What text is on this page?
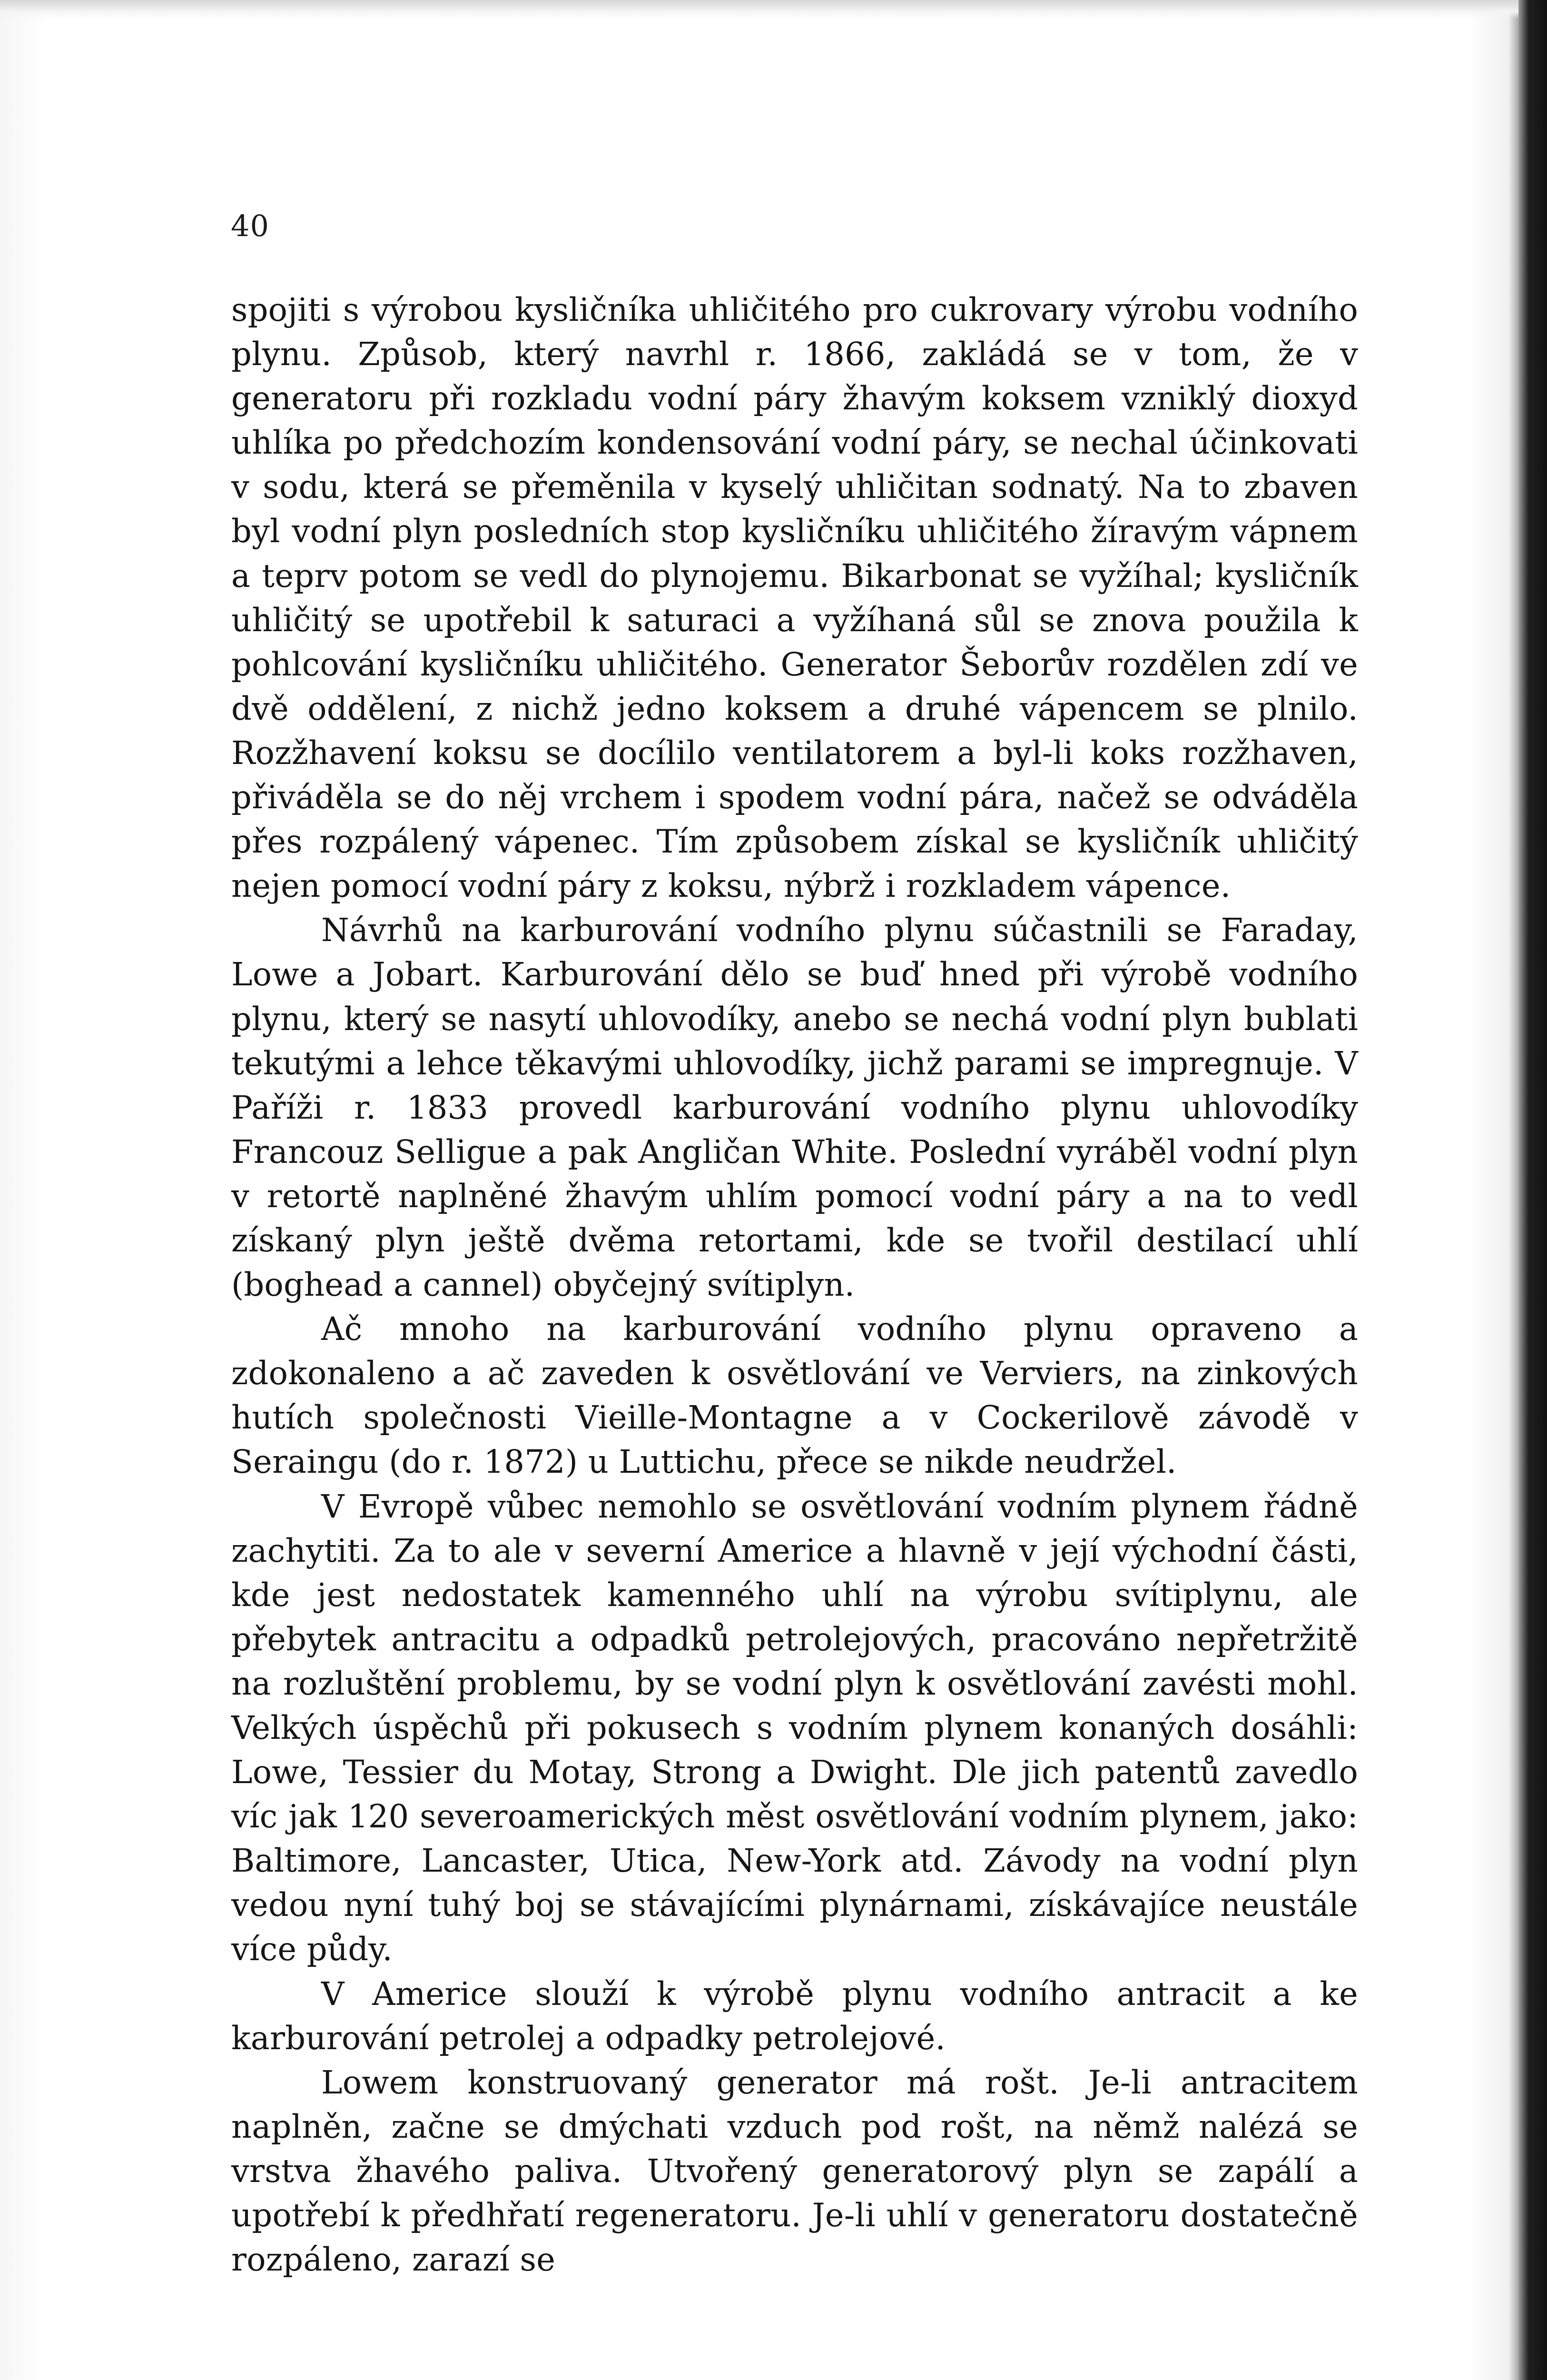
40

spojiti s výrobou kysličníka uhličitého pro cukrovary výrobu vodního plynu. Způsob, který navrhl r. 1866, zakládá se v tom, že v generatoru při rozkladu vodní páry žhavým koksem vzniklý dioxyd uhlíka po předchozím kondensování vodní páry, se nechal účinkovati v sodu, která se přeměnila v kyselý uhličitan sodnatý. Na to zbaven byl vodní plyn posledních stop kysličníku uhličitého žíravým vápnem a teprv potom se vedl do plynojemu. Bikarbonat se vyžíhal; kysličník uhličitý se upotřebil k saturaci a vyžíhaná sůl se znova použila k pohlcování kysličníku uhličitého. Generator Šeborův rozdělen zdí ve dvě oddělení, z nichž jedno koksem a druhé vápencem se plnilo. Rozžhavení koksu se docílilo ventilatorem a byl-li koks rozžhaven, přiváděla se do něj vrchem i spodem vodní pára, načež se odváděla přes rozpálený vápenec. Tím způsobem získal se kysličník uhličitý nejen pomocí vodní páry z koksu, nýbrž i rozkladem vápence.

Návrhů na karburování vodního plynu súčastnili se Faraday, Lowe a Jobart. Karburování dělo se buď hned při výrobě vodního plynu, který se nasytí uhlovodíky, anebo se nechá vodní plyn bublati tekutými a lehce těkavými uhlovodíky, jichž parami se impregnuje. V Paříži r. 1833 provedl karburování vodního plynu uhlovodíky Francouz Selligue a pak Angličan White. Poslední vyráběl vodní plyn v retortě naplněné žhavým uhlím pomocí vodní páry a na to vedl získaný plyn ještě dvěma retortami, kde se tvořil destilací uhlí (boghead a cannel) obyčejný svítiplyn.

Ač mnoho na karburování vodního plynu opraveno a zdokonaleno a ač zaveden k osvětlování ve Verviers, na zinkových hutích společnosti Vieille-Montagne a v Cockerilově závodě v Seraingu (do r. 1872) u Luttichu, přece se nikde neudržel.

V Evropě vůbec nemohlo se osvětlování vodním plynem řádně zachytiti. Za to ale v severní Americe a hlavně v její východní části, kde jest nedostatek kamenného uhlí na výrobu svítiplynu, ale přebytek antracitu a odpadků petrolejových, pracováno nepřetržitě na rozluštění problemu, by se vodní plyn k osvětlování zavésti mohl. Velkých úspěchů při pokusech s vodním plynem konaných dosáhli: Lowe, Tessier du Motay, Strong a Dwight. Dle jich patentů zavedlo víc jak 120 severoamerických měst osvětlování vodním plynem, jako: Baltimore, Lancaster, Utica, New-York atd. Závody na vodní plyn vedou nyní tuhý boj se stávajícími plynárnami, získávajíce neustále více půdy.

V Americe slouží k výrobě plynu vodního antracit a ke karburování petrolej a odpadky petrolejové.

Lowem konstruovaný generator má rošt. Je-li antracitem naplněn, začne se dmýchati vzduch pod rošt, na němž nalézá se vrstva žhavého paliva. Utvořený generatorový plyn se zapálí a upotřebí k předhřatí regeneratoru. Je-li uhlí v generatoru dostatečně rozpáleno, zarazí se
